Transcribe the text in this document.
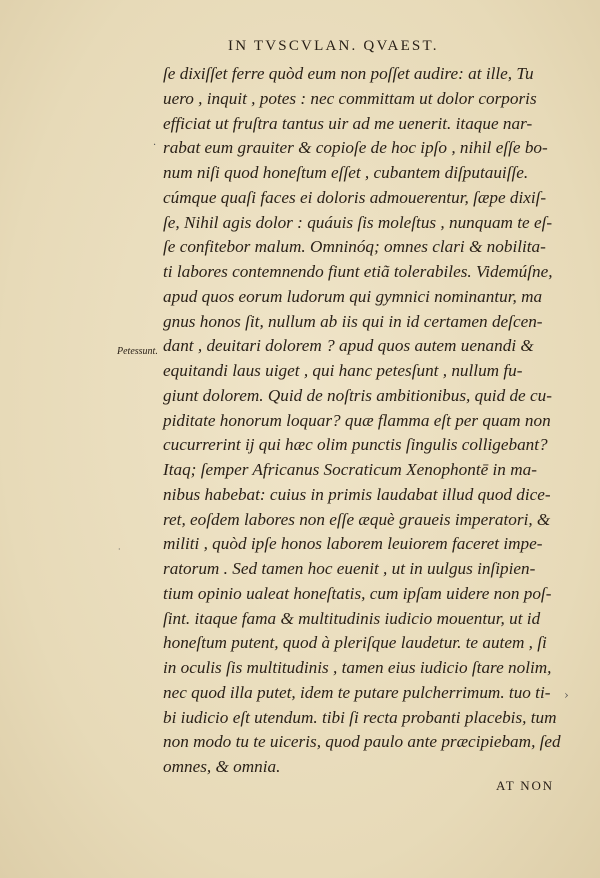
IN TVSCVLAN. QVAEST.
ſe dixiſſet ferre quòd eum non poſſet audire: at ille, Tu
uero , inquit , potes : nec committam ut dolor corporis
efficiat ut fruſtra tantus uir ad me uenerit. itaque nar-
rabat eum grauiter & copioſe de hoc ipſo , nihil eſſe bo-
num niſi quod honeſtum eſſet , cubantem diſputauiſſe.
cúmque quaſi faces ei doloris admouerentur, ſæpe dixiſ-
ſe, Nihil agis dolor : quáuis ſis moleſtus , nunquam te eſ-
ſe confitebor malum. Omninóq; omnes clari & nobilita-
ti labores contemnendo fiunt etiã tolerabiles. Videmúſne,
apud quos eorum ludorum qui gymnici nominantur, ma
gnus honos ſit, nullum ab iis qui in id certamen deſcen-
dant , deuitari dolorem ? apud quos autem uenandi &
equitandi laus uiget , qui hanc petesſunt , nullum fu-
giunt dolorem. Quid de noſtris ambitionibus, quid de cu-
piditate honorum loquar? quæ flamma eſt per quam non
cucurrerint ij qui hæc olim punctis ſingulis colligebant?
Itaq; ſemper Africanus Socraticum Xenophontē in ma-
nibus habebat: cuius in primis laudabat illud quod dice-
ret, eoſdem labores non eſſe æquè graueis imperatori, &
militi , quòd ipſe honos laborem leuiorem faceret impe-
ratorum . Sed tamen hoc euenit , ut in uulgus inſipien-
tium opinio ualeat honeſtatis, cum ipſam uidere non poſ-
ſint. itaque fama & multitudinis iudicio mouentur, ut id
honeſtum putent, quod à pleriſque laudetur. te autem , ſi
in oculis ſis multitudinis , tamen eius iudicio ſtare nolim,
nec quod illa putet, idem te putare pulcherrimum. tuo ti-
bi iudicio eſt utendum. tibi ſi recta probanti placebis, tum
non modo tu te uiceris, quod paulo ante præcipiebam, ſed
omnes, & omnia.
Petessunt.
AT NON
·
·
›
